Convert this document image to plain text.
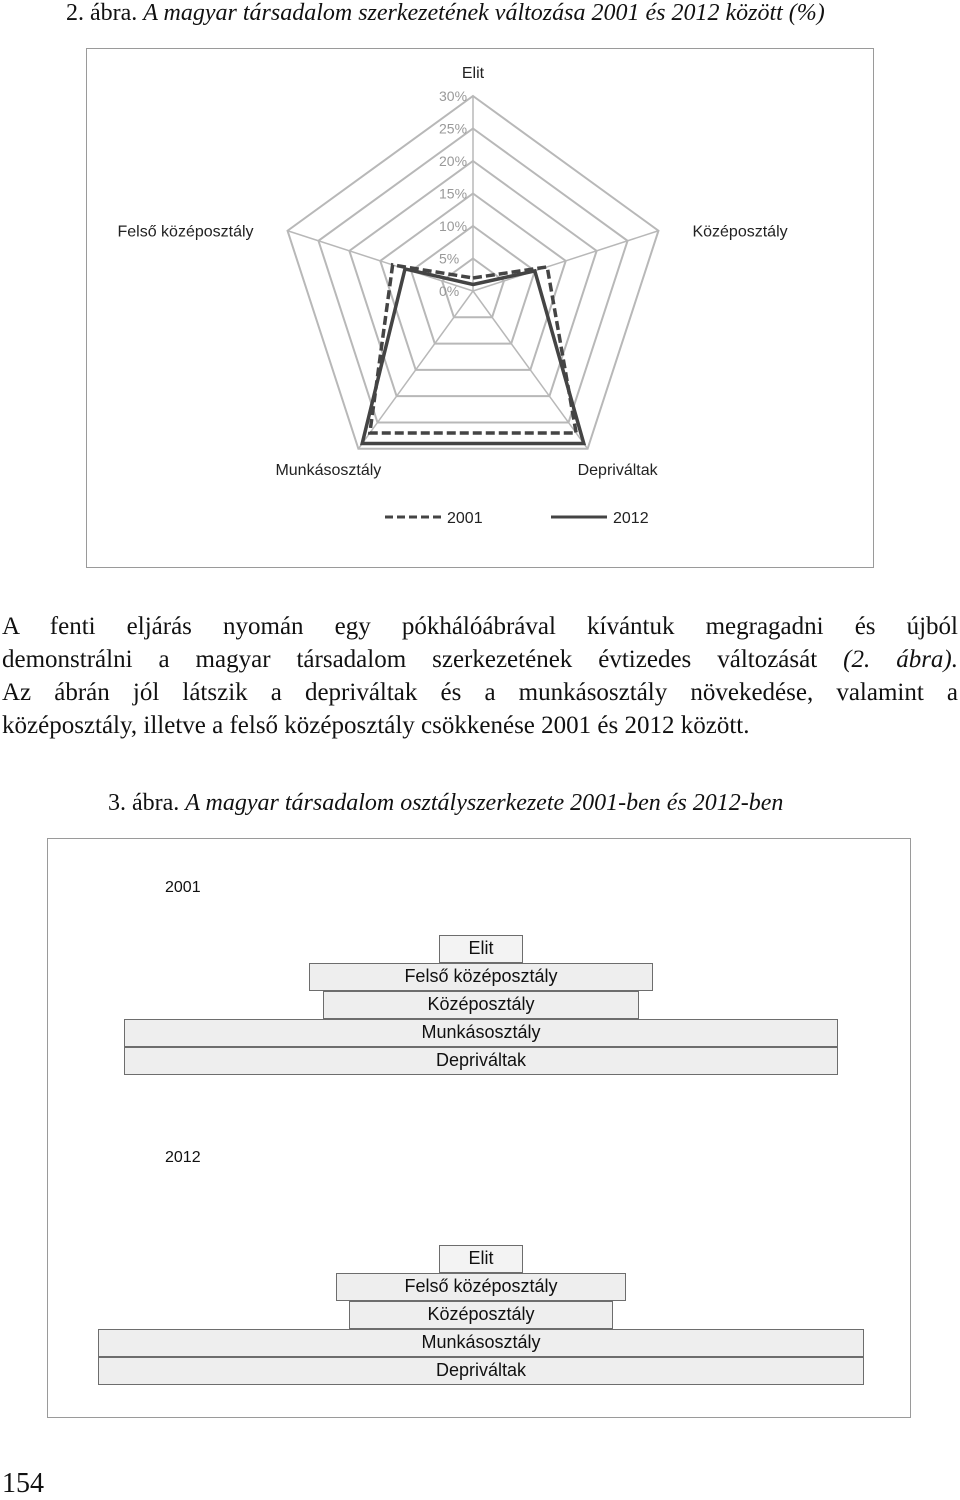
2. ábra. A magyar társadalom szerkezetének változása 2001 és 2012 között (%)
0%
5%
10%
15%
20%
25%
30%
Elit
Középosztály
Depriváltak
Munkásosztály
Felső középosztály
2001	2012

A fenti eljárás nyomán egy pókhálóábrával kívántuk megragadni és újból

demonstrálni a magyar társadalom szerkezetének évtizedes változását (2. ábra).

Az ábrán jól látszik a depriváltak és a munkásosztály növekedése, valamint a

középosztály, illetve a felső középosztály csökkenése 2001 és 2012 között.

3. ábra. A magyar társadalom osztályszerkezete 2001-ben és 2012-ben
2001
Elit
Felső középosztály
Középosztály
Munkásosztály
Depriváltak
2012
Elit
Felső középosztály
Középosztály
Munkásosztály
Depriváltak
154
